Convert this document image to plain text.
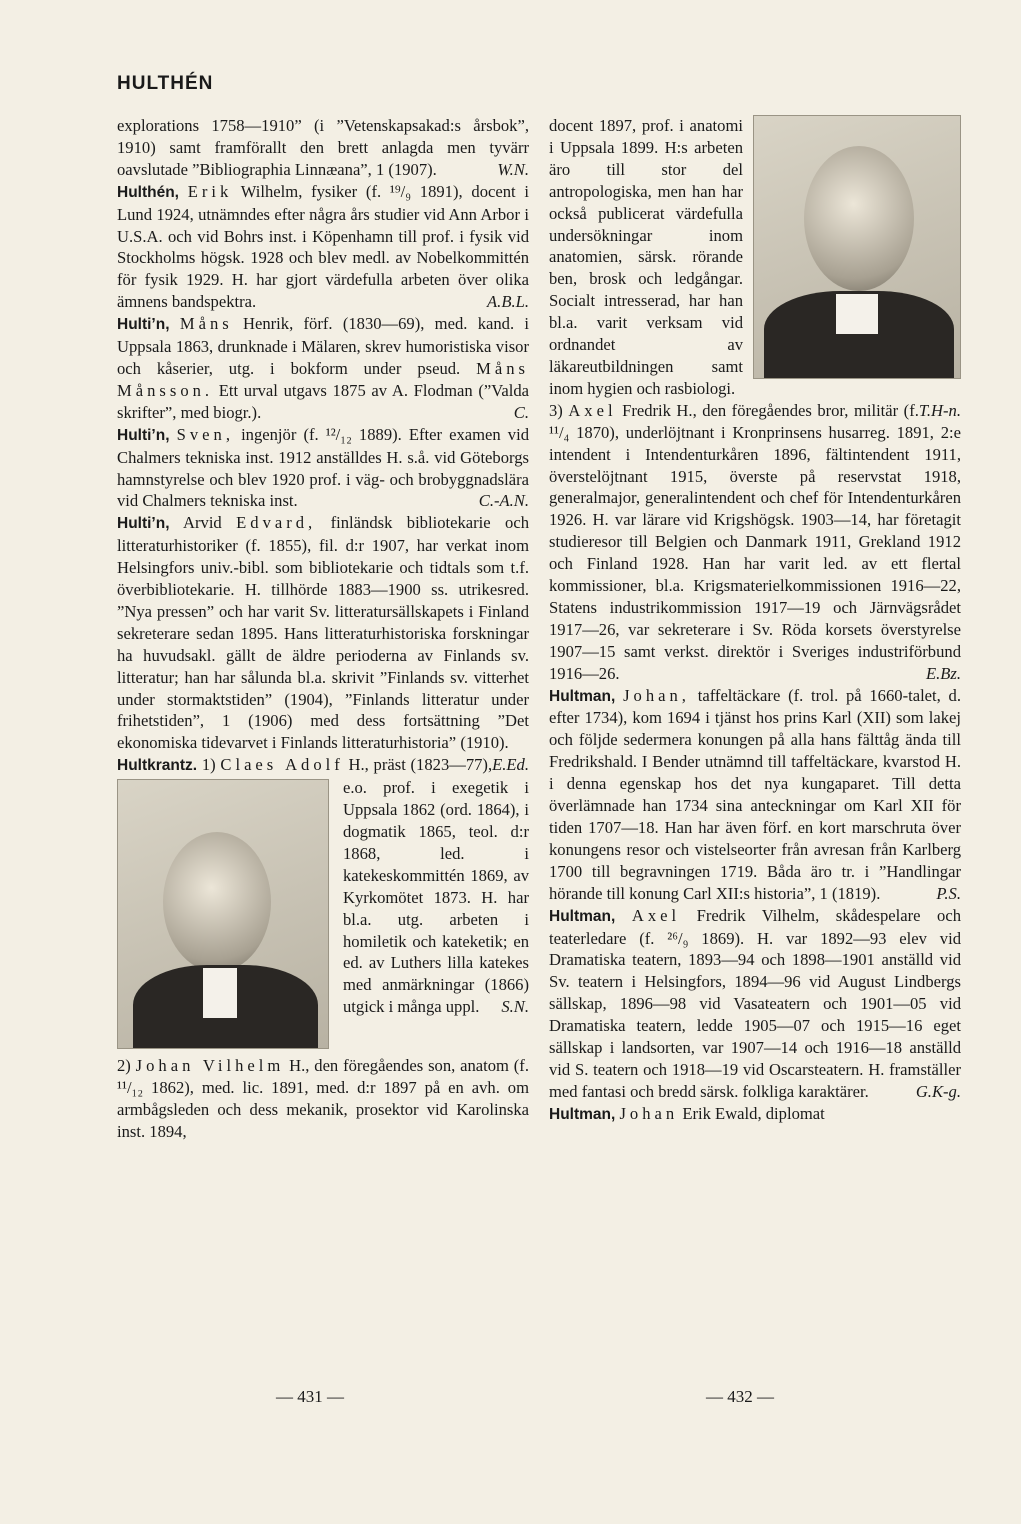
HULTHÉN

explorations 1758—1910” (i ”Vetenskapsakad:s årsbok”, 1910) samt framförallt den brett anlagda men tyvärr oavslutade ”Bibliographia Linnæana”, 1 (1907).	W.N.

Hulthén, Erik Wilhelm, fysiker (f. ¹⁹/₉ 1891), docent i Lund 1924, utnämndes efter några års studier vid Ann Arbor i U.S.A. och vid Bohrs inst. i Köpenhamn till prof. i fysik vid Stockholms högsk. 1928 och blev medl. av Nobelkommittén för fysik 1929. H. har gjort värdefulla arbeten över olika ämnens bandspektra.	A.B.L.

Hulti’n, Måns Henrik, förf. (1830—69), med. kand. i Uppsala 1863, drunknade i Mälaren, skrev humoristiska visor och kåserier, utg. i bokform under pseud. Måns Månsson. Ett urval utgavs 1875 av A. Flodman (”Valda skrifter”, med biogr.).	C.

Hulti’n, Sven, ingenjör (f. ¹²/₁₂ 1889). Efter examen vid Chalmers tekniska inst. 1912 anställdes H. s.å. vid Göteborgs hamnstyrelse och blev 1920 prof. i väg- och brobyggnadslära vid Chalmers tekniska inst.	C.-A.N.

Hulti’n, Arvid Edvard, finländsk bibliotekarie och litteraturhistoriker (f. 1855), fil. d:r 1907, har verkat inom Helsingfors univ.-bibl. som bibliotekarie och tidtals som t.f. överbibliotekarie. H. tillhörde 1883—1900 ss. utrikesred. ”Nya pressen” och har varit Sv. litteratursällskapets i Finland sekreterare sedan 1895. Hans litteraturhistoriska forskningar ha huvudsakl. gällt de äldre perioderna av Finlands sv. litteratur; han har sålunda bl.a. skrivit ”Finlands sv. vitterhet under stormaktstiden” (1904), ”Finlands litteratur under frihetstiden”, 1 (1906) med dess fortsättning ”Det ekonomiska tidevarvet i Finlands litteraturhistoria” (1910).
E.Ed.

Hultkrantz. 1) Claes Adolf H., präst (1823—77), e.o. prof. i exegetik i Uppsala 1862 (ord. 1864), i dogmatik 1865, teol. d:r 1868, led. i katekeskommittén 1869, av Kyrkomötet 1873. H. har bl.a. utg. arbeten i homiletik och kateketik; en ed. av Luthers lilla katekes med anmärkningar (1866) utgick i många uppl. S.N.

2) Johan Vilhelm H., den föregåendes son, anatom (f. ¹¹/₁₂ 1862), med. lic. 1891, med. d:r 1897 på en avh. om armbågsleden och dess mekanik, prosektor vid Karolinska inst. 1894,

docent 1897, prof. i anatomi i Uppsala 1899. H:s arbeten äro till stor del antropologiska, men han har också publicerat värdefulla undersökningar inom anatomien, särsk. rörande ben, brosk och ledgångar. Socialt intresserad, har han bl.a. varit verksam vid ordnandet av läkareutbildningen samt inom hygien och rasbiologi.
T.H-n.

3) Axel Fredrik H., den föregåendes bror, militär (f. ¹¹/₄ 1870), underlöjtnant i Kronprinsens husarreg. 1891, 2:e intendent i Intendenturkåren 1896, fältintendent 1911, överstelöjtnant 1915, överste på reservstat 1918, generalmajor, generalintendent och chef för Intendenturkåren 1926. H. var lärare vid Krigshögsk. 1903—14, har företagit studieresor till Belgien och Danmark 1911, Grekland 1912 och Finland 1928. Han har varit led. av ett flertal kommissioner, bl.a. Krigsmaterielkommissionen 1916—22, Statens industrikommission 1917—19 och Järnvägsrådet 1917—26, var sekreterare i Sv. Röda korsets överstyrelse 1907—15 samt verkst. direktör i Sveriges industriförbund 1916—26.	E.Bz.

Hultman, Johan, taffeltäckare (f. trol. på 1660-talet, d. efter 1734), kom 1694 i tjänst hos prins Karl (XII) som lakej och följde sedermera konungen på alla hans fälttåg ända till Fredrikshald. I Bender utnämnd till taffeltäckare, kvarstod H. i denna egenskap hos det nya kungaparet. Till detta överlämnade han 1734 sina anteckningar om Karl XII för tiden 1707—18. Han har även förf. en kort marschruta över konungens resor och vistelseorter från avresan från Karlberg 1700 till begravningen 1719. Båda äro tr. i ”Handlingar hörande till konung Carl XII:s historia”, 1 (1819).	P.S.

Hultman, Axel Fredrik Vilhelm, skådespelare och teaterledare (f. ²⁶/₉ 1869). H. var 1892—93 elev vid Dramatiska teatern, 1893—94 och 1898—1901 anställd vid Sv. teatern i Helsingfors, 1894—96 vid August Lindbergs sällskap, 1896—98 vid Vasateatern och 1901—05 vid Dramatiska teatern, ledde 1905—07 och 1915—16 eget sällskap i landsorten, var 1907—14 och 1916—18 anställd vid S. teatern och 1918—19 vid Oscarsteatern. H. framställer med fantasi och bredd särsk. folkliga karaktärer.	G.K-g.

Hultman, Johan Erik Ewald, diplomat

— 431 —	— 432 —
